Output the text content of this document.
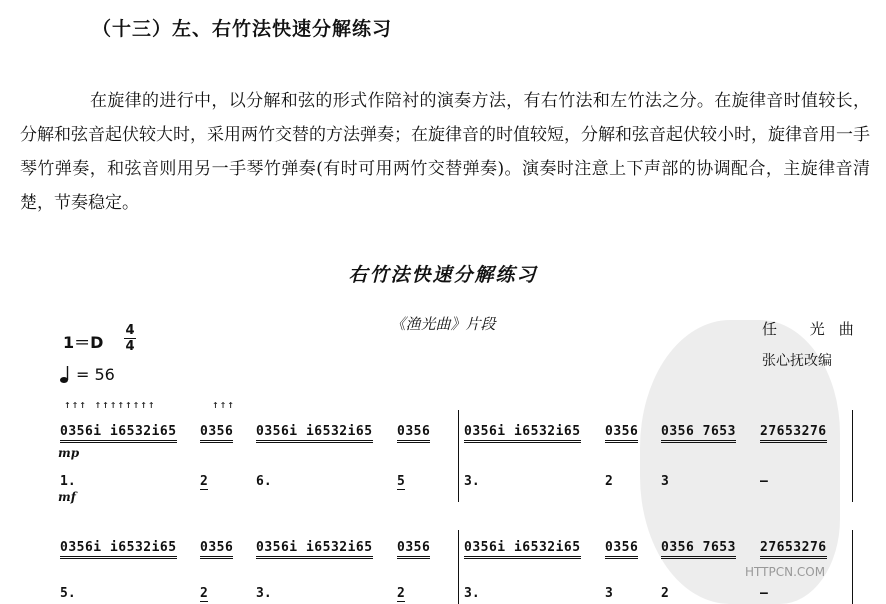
（十三）左、右竹法快速分解练习
在旋律的进行中，以分解和弦的形式作陪衬的演奏方法，有右竹法和左竹法之分。在旋律音时值较长，分解和弦音起伏较大时，采用两竹交替的方法弹奏；在旋律音的时值较短，分解和弦音起伏较小时，旋律音用一手琴竹弹奏，和弦音则用另一手琴竹弹奏(有时可用两竹交替弹奏)。演奏时注意上下声部的协调配合，主旋律音清楚，节奏稳定。
右竹法快速分解练习
《渔光曲》片段	任 光曲
张心抚改编
1＝D
4
4
= 56
↑↑↑ ↑↑↑↑↑↑↑↑	↑↑↑
0356i i6532i65 0356 0356i i6532i65 0356	0356i i6532i65 0356 0356 7653 27653276
mp
1.	2	6.	5	3.	2	3	–
mf
0356i i6532i65 0356 0356i i6532i65 0356	0356i i6532i65 0356 0356 7653 27653276
5.	2	3.	2	3.	3	2	–
HTTPCN.COM
